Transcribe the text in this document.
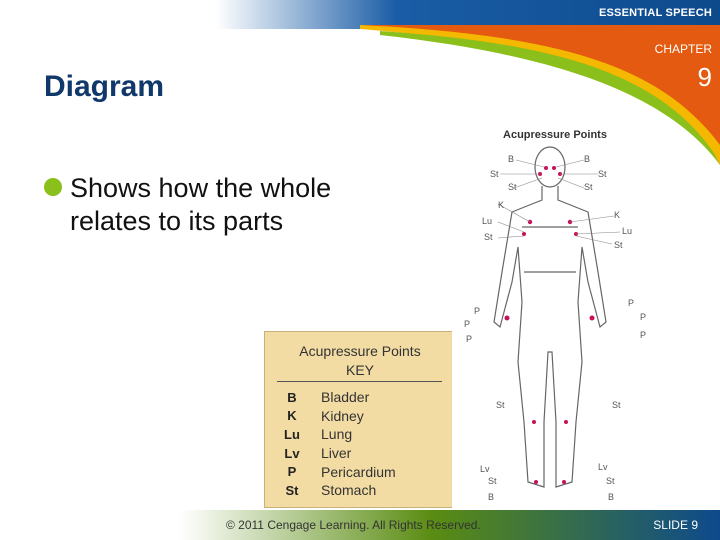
ESSENTIAL SPEECH
CHAPTER
9
Diagram
Shows how the whole relates to its parts
Acupressure Points
KEY
B	Bladder
K	Kidney
Lu	Lung
Lv	Liver
P	Pericardium
St	Stomach
Acupressure Points
B
St
St
K
Lu
St
P
P
P
St
Lv
St
B
B
St
St
K
Lu
St
P
P
P
St
Lv
St
B
© 2011 Cengage Learning. All Rights Reserved.	SLIDE 9
